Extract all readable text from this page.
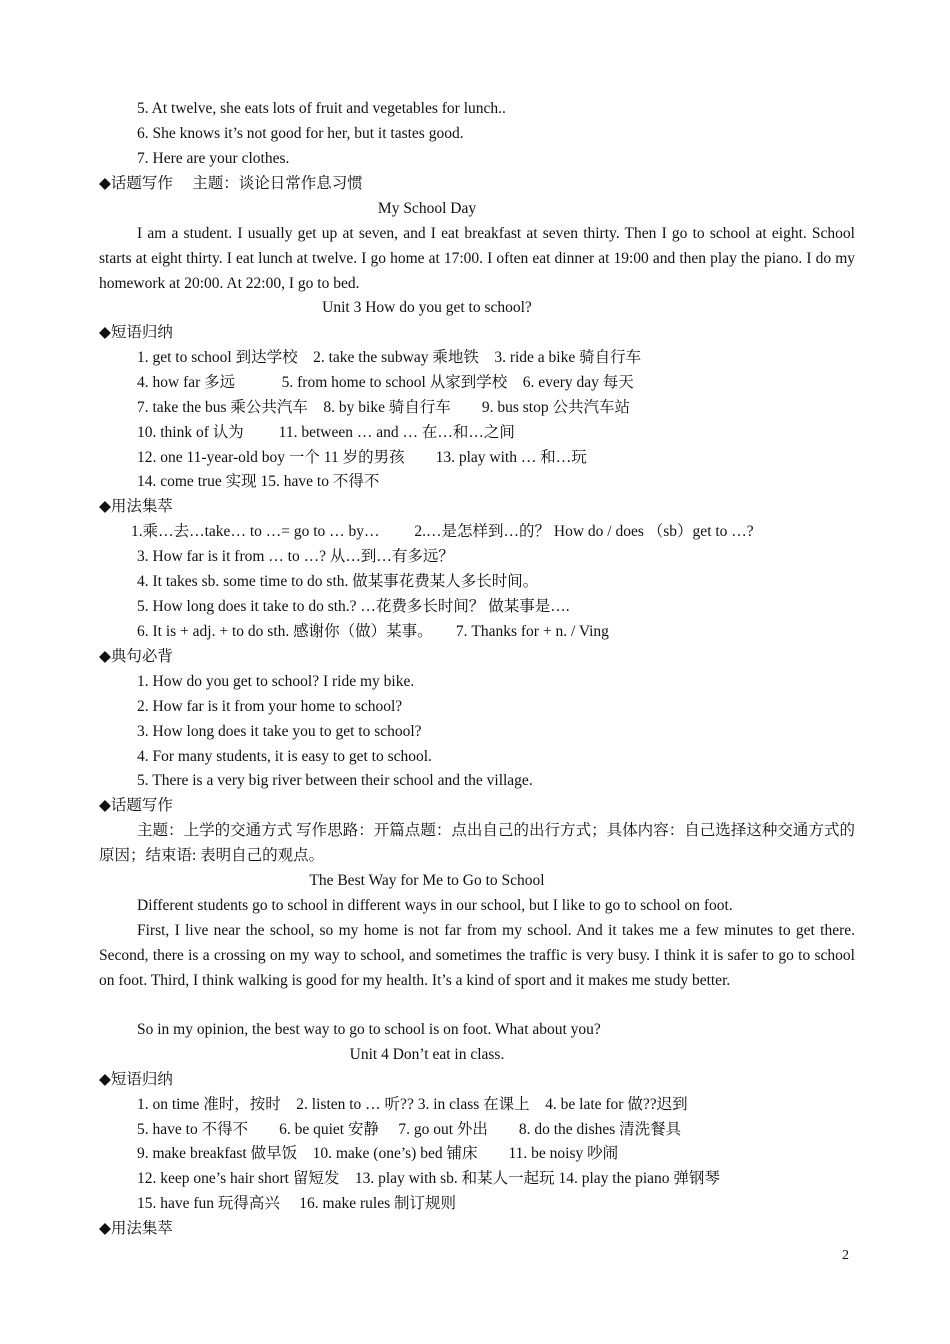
5. At twelve, she eats lots of fruit and vegetables for lunch..
6. She knows it’s not good for her, but it tastes good.
7. Here are your clothes.
◆话题写作　 主题：谈论日常作息习惯
My School Day
I am a student. I usually get up at seven, and I eat breakfast at seven thirty. Then I go to school at eight. School starts at eight thirty. I eat lunch at twelve. I go home at 17:00. I often eat dinner at 19:00 and then play the piano. I do my homework at 20:00. At 22:00, I go to bed.
Unit 3 How do you get to school?
◆短语归纳
1. get to school 到达学校　2. take the subway 乘地铁　3. ride a bike 骑自行车
4. how far 多远　　　5. from home to school 从家到学校　6. every day 每天
7. take the bus 乘公共汽车　8. by bike 骑自行车　　9. bus stop 公共汽车站
10. think of 认为　　 11. between … and … 在…和…之间
12. one 11-year-old boy 一个 11 岁的男孩　　13. play with … 和…玩
14. come true 实现 15. have to 不得不
◆用法集萃
1.乘…去…take… to …= go to … by…　　 2.…是怎样到…的？ How do / does （sb）get to …?
3. How far is it from … to …? 从…到…有多远？
4. It takes sb. some time to do sth. 做某事花费某人多长时间。
5. How long does it take to do sth.? …花费多长时间？ 做某事是….
6. It is + adj. + to do sth. 感谢你（做）某事。　　7. Thanks for + n. / Ving
◆典句必背
1. How do you get to school? I ride my bike.
2. How far is it from your home to school?
3. How long does it take you to get to school?
4. For many students, it is easy to get to school.
5. There is a very big river between their school and the village.
◆话题写作
主题：上学的交通方式 写作思路：开篇点题：点出自己的出行方式；具体内容：自己选择这种交通方式的原因；结束语: 表明自己的观点。
The Best Way for Me to Go to School
Different students go to school in different ways in our school, but I like to go to school on foot.
First, I live near the school, so my home is not far from my school. And it takes me a few minutes to get there. Second, there is a crossing on my way to school, and sometimes the traffic is very busy. I think it is safer to go to school on foot. Third, I think walking is good for my health. It’s a kind of sport and it makes me study better.
So in my opinion, the best way to go to school is on foot. What about you?
Unit 4 Don’t eat in class.
◆短语归纳
1. on time 准时，按时　2. listen to … 听?? 3. in class 在课上　4. be late for 做??迟到
5. have to 不得不　　6. be quiet 安静　 7. go out 外出　　8. do the dishes 清洗餐具
9. make breakfast 做早饭　10. make (one’s) bed 铺床　　11. be noisy 吵闹
12. keep one’s hair short 留短发　13. play with sb. 和某人一起玩 14. play the piano 弹钢琴
15. have fun 玩得高兴　 16. make rules 制订规则
◆用法集萃
2
